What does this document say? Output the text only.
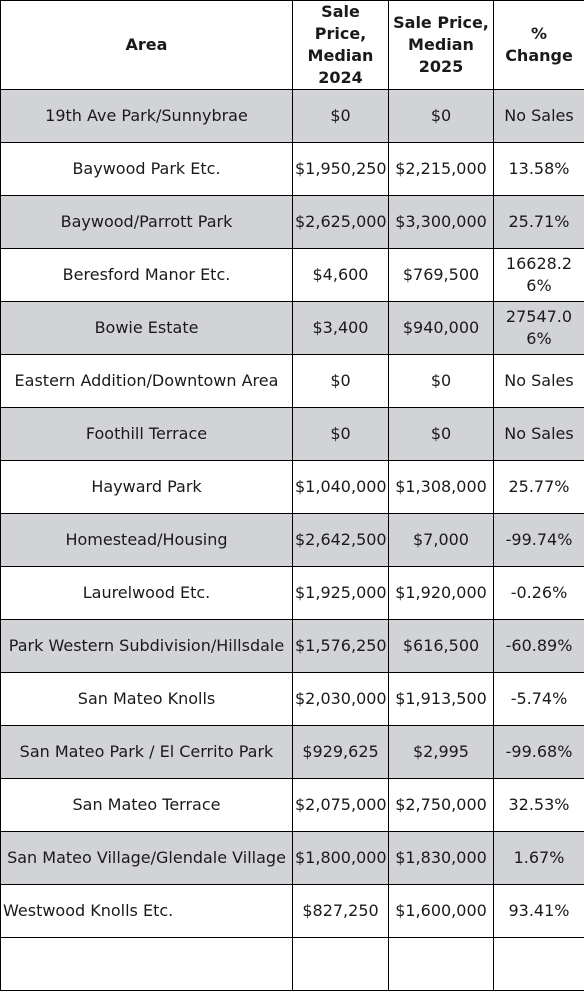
Area	Sale Price, Median 2024	Sale Price, Median 2025	% Change
19th Ave Park/Sunnybrae	$0	$0	No Sales
Baywood Park Etc.	$1,950,250	$2,215,000	13.58%
Baywood/Parrott Park	$2,625,000	$3,300,000	25.71%
Beresford Manor Etc.	$4,600	$769,500	16628.26%
Bowie Estate	$3,400	$940,000	27547.06%
Eastern Addition/Downtown Area	$0	$0	No Sales
Foothill Terrace	$0	$0	No Sales
Hayward Park	$1,040,000	$1,308,000	25.77%
Homestead/Housing	$2,642,500	$7,000	-99.74%
Laurelwood Etc.	$1,925,000	$1,920,000	-0.26%
Park Western Subdivision/Hillsdale	$1,576,250	$616,500	-60.89%
San Mateo Knolls	$2,030,000	$1,913,500	-5.74%
San Mateo Park / El Cerrito Park	$929,625	$2,995	-99.68%
San Mateo Terrace	$2,075,000	$2,750,000	32.53%
San Mateo Village/Glendale Village	$1,800,000	$1,830,000	1.67%
Westwood Knolls Etc.	$827,250	$1,600,000	93.41%
